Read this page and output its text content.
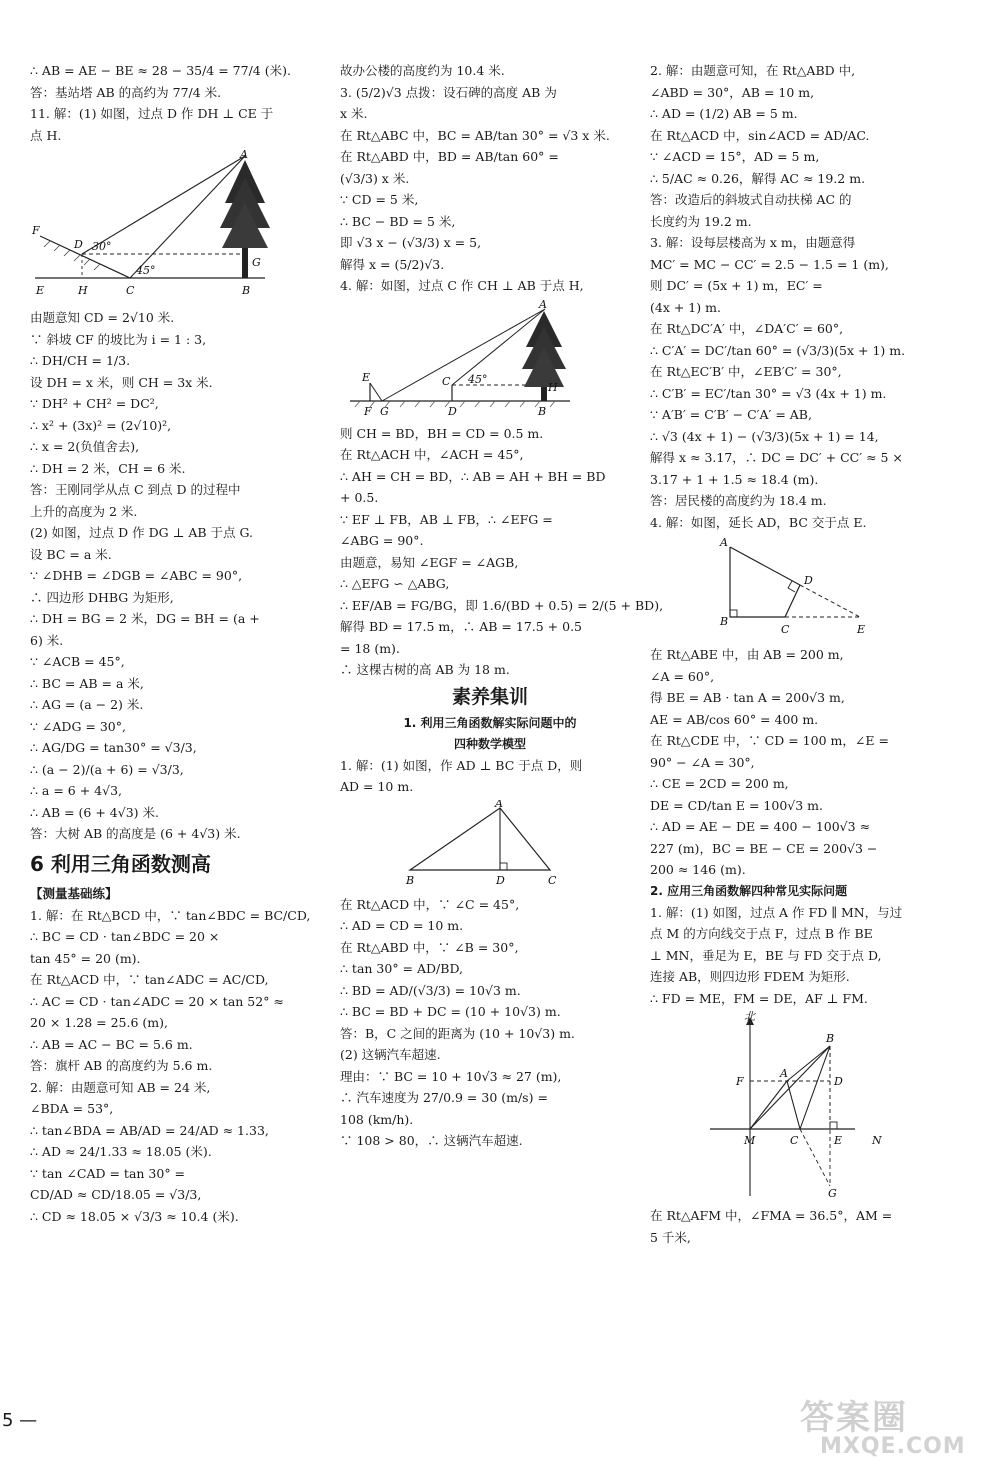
∴ AB = AE − BE ≈ 28 − 35/4 = 77/4 (米).

答：基站塔 AB 的高约为 77/4 米.

11. 解：(1) 如图，过点 D 作 DH ⊥ CE 于

点 H.

A
F
D 30°
G
45°
E	H	C	B

由题意知 CD = 2√10 米.

∵ 斜坡 CF 的坡比为 i = 1 : 3,

∴ DH/CH = 1/3.

设 DH = x 米，则 CH = 3x 米.

∵ DH² + CH² = DC²,

∴ x² + (3x)² = (2√10)²,

∴ x = 2(负值舍去),

∴ DH = 2 米，CH = 6 米.

答：王刚同学从点 C 到点 D 的过程中

上升的高度为 2 米.

(2) 如图，过点 D 作 DG ⊥ AB 于点 G.

设 BC = a 米.

∵ ∠DHB = ∠DGB = ∠ABC = 90°,

∴ 四边形 DHBG 为矩形,

∴ DH = BG = 2 米，DG = BH = (a +

6) 米.

∵ ∠ACB = 45°,

∴ BC = AB = a 米,

∴ AG = (a − 2) 米.

∵ ∠ADG = 30°,

∴ AG/DG = tan30° = √3/3,

∴ (a − 2)/(a + 6) = √3/3,

∴ a = 6 + 4√3,

∴ AB = (6 + 4√3) 米.

答：大树 AB 的高度是 (6 + 4√3) 米.

6 利用三角函数测高
【测量基础练】

1. 解：在 Rt△BCD 中，∵ tan∠BDC = BC/CD,

∴ BC = CD · tan∠BDC = 20 ×

tan 45° = 20 (m).

在 Rt△ACD 中，∵ tan∠ADC = AC/CD,

∴ AC = CD · tan∠ADC = 20 × tan 52° ≈

20 × 1.28 = 25.6 (m),

∴ AB = AC − BC = 5.6 m.

答：旗杆 AB 的高度约为 5.6 m.

2. 解：由题意可知 AB = 24 米,

∠BDA = 53°,

∴ tan∠BDA = AB/AD = 24/AD ≈ 1.33,

∴ AD ≈ 24/1.33 ≈ 18.05 (米).

∵ tan ∠CAD = tan 30° =

CD/AD ≈ CD/18.05 = √3/3,

∴ CD ≈ 18.05 × √3/3 ≈ 10.4 (米).

故办公楼的高度约为 10.4 米.

3. (5/2)√3 点拨：设石碑的高度 AB 为

x 米.

在 Rt△ABC 中，BC = AB/tan 30° = √3 x 米.

在 Rt△ABD 中，BD = AB/tan 60° =

(√3/3) x 米.

∵ CD = 5 米,

∴ BC − BD = 5 米,

即 √3 x − (√3/3) x = 5,

解得 x = (5/2)√3.

4. 解：如图，过点 C 作 CH ⊥ AB 于点 H,

A
E	C 45°
H
F G	D	B

则 CH = BD，BH = CD = 0.5 m.

在 Rt△ACH 中，∠ACH = 45°,

∴ AH = CH = BD，∴ AB = AH + BH = BD

+ 0.5.

∵ EF ⊥ FB，AB ⊥ FB，∴ ∠EFG =

∠ABG = 90°.

由题意，易知 ∠EGF = ∠AGB,

∴ △EFG ∽ △ABG,

∴ EF/AB = FG/BG，即 1.6/(BD + 0.5) = 2/(5 + BD),

解得 BD = 17.5 m，∴ AB = 17.5 + 0.5

= 18 (m).

∴ 这棵古树的高 AB 为 18 m.

素养集训
1. 利用三角函数解实际问题中的
四种数学模型

1. 解：(1) 如图，作 AD ⊥ BC 于点 D，则

AD = 10 m.

A
B	D	C

在 Rt△ACD 中，∵ ∠C = 45°,

∴ AD = CD = 10 m.

在 Rt△ABD 中，∵ ∠B = 30°,

∴ tan 30° = AD/BD,

∴ BD = AD/(√3/3) = 10√3 m.

∴ BC = BD + DC = (10 + 10√3) m.

答：B，C 之间的距离为 (10 + 10√3) m.

(2) 这辆汽车超速.

理由：∵ BC = 10 + 10√3 ≈ 27 (m),

∴ 汽车速度为 27/0.9 = 30 (m/s) =

108 (km/h).

∵ 108 > 80，∴ 这辆汽车超速.

2. 解：由题意可知，在 Rt△ABD 中,

∠ABD = 30°，AB = 10 m,

∴ AD = (1/2) AB = 5 m.

在 Rt△ACD 中，sin∠ACD = AD/AC.

∵ ∠ACD = 15°，AD = 5 m,

∴ 5/AC ≈ 0.26，解得 AC ≈ 19.2 m.

答：改造后的斜坡式自动扶梯 AC 的

长度约为 19.2 m.

3. 解：设每层楼高为 x m，由题意得

MC′ = MC − CC′ = 2.5 − 1.5 = 1 (m),

则 DC′ = (5x + 1) m，EC′ =

(4x + 1) m.

在 Rt△DC′A′ 中，∠DA′C′ = 60°,

∴ C′A′ = DC′/tan 60° = (√3/3)(5x + 1) m.

在 Rt△EC′B′ 中，∠EB′C′ = 30°,

∴ C′B′ = EC′/tan 30° = √3 (4x + 1) m.

∵ A′B′ = C′B′ − C′A′ = AB,

∴ √3 (4x + 1) − (√3/3)(5x + 1) = 14,

解得 x ≈ 3.17，∴ DC = DC′ + CC′ ≈ 5 ×

3.17 + 1 + 1.5 ≈ 18.4 (m).

答：居民楼的高度约为 18.4 m.

4. 解：如图，延长 AD，BC 交于点 E.

A
D
B
C	E

在 Rt△ABE 中，由 AB = 200 m,

∠A = 60°,

得 BE = AB · tan A = 200√3 m,

AE = AB/cos 60° = 400 m.

在 Rt△CDE 中，∵ CD = 100 m，∠E =

90° − ∠A = 30°,

∴ CE = 2CD = 200 m,

DE = CD/tan E = 100√3 m.

∴ AD = AE − DE = 400 − 100√3 ≈

227 (m)，BC = BE − CE = 200√3 −

200 ≈ 146 (m).

2. 应用三角函数解四种常见实际问题

1. 解：(1) 如图，过点 A 作 FD ∥ MN，与过

点 M 的方向线交于点 F，过点 B 作 BE

⊥ MN，垂足为 E，BE 与 FD 交于点 D,

连接 AB，则四边形 FDEM 为矩形.

∴ FD = ME，FM = DE，AF ⊥ FM.

北
B
A
F	D
M	C	E	N
G

在 Rt△AFM 中，∠FMA = 36.5°，AM =

5 千米,

5 —	答案圈
MXQE.COM
